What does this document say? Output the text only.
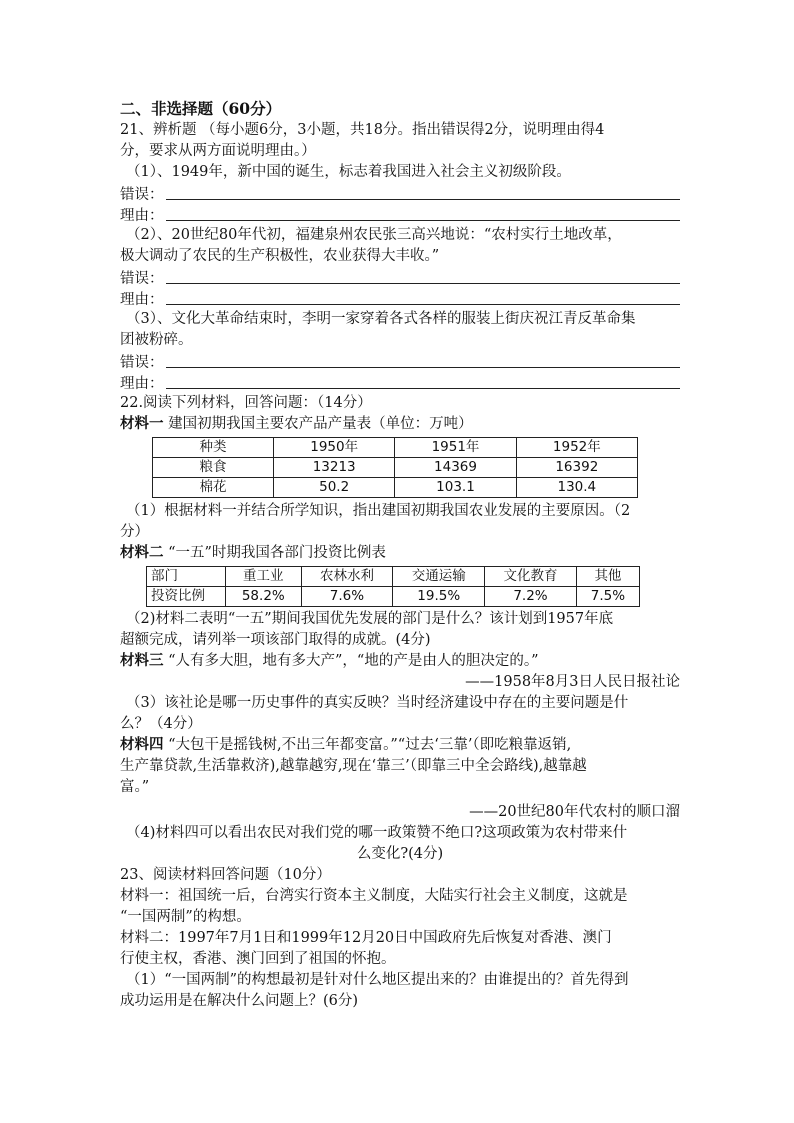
二、非选择题（60分）
21、辨析题 （每小题6分，3小题，共18分。指出错误得2分，说明理由得4
分，要求从两方面说明理由。）
（1）、1949年，新中国的诞生，标志着我国进入社会主义初级阶段。
错误：
理由：
（2）、20世纪80年代初，福建泉州农民张三高兴地说：“农村实行土地改革，
极大调动了农民的生产积极性，农业获得大丰收。”
错误：
理由：
（3）、文化大革命结束时，李明一家穿着各式各样的服装上街庆祝江青反革命集
团被粉碎。
错误：
理由：
22.阅读下列材料，回答问题：（14分）
材料一 建国初期我国主要农产品产量表（单位：万吨）
种类	1950年	1951年	1952年
粮食	13213	14369	16392
棉花	50.2	103.1	130.4
（1）根据材料一并结合所学知识，指出建国初期我国农业发展的主要原因。（2
分）
材料二 “一五”时期我国各部门投资比例表
部门	重工业	农林水利	交通运输	文化教育	其他
投资比例	58.2%	7.6%	19.5%	7.2%	7.5%
（2)材料二表明“一五”期间我国优先发展的部门是什么？该计划到1957年底
超额完成，请列举一项该部门取得的成就。(4分)
材料三 “人有多大胆，地有多大产”，“地的产是由人的胆决定的。”
——1958年8月3日人民日报社论
（3）该社论是哪一历史事件的真实反映？当时经济建设中存在的主要问题是什
么？（4分）
材料四 “大包干是摇钱树,不出三年都变富。”“过去‘三靠’（即吃粮靠返销,
生产靠贷款,生活靠救济),越靠越穷,现在‘靠三’（即靠三中全会路线),越靠越
富。”
——20世纪80年代农村的顺口溜
（4)材料四可以看出农民对我们党的哪一政策赞不绝口?这项政策为农村带来什
么变化?(4分)
23、阅读材料回答问题（10分）
材料一：祖国统一后，台湾实行资本主义制度，大陆实行社会主义制度，这就是
“一国两制”的构想。
材料二：1997年7月1日和1999年12月20日中国政府先后恢复对香港、澳门
行使主权，香港、澳门回到了祖国的怀抱。
（1）“一国两制”的构想最初是针对什么地区提出来的？由谁提出的？首先得到
成功运用是在解决什么问题上？(6分)
